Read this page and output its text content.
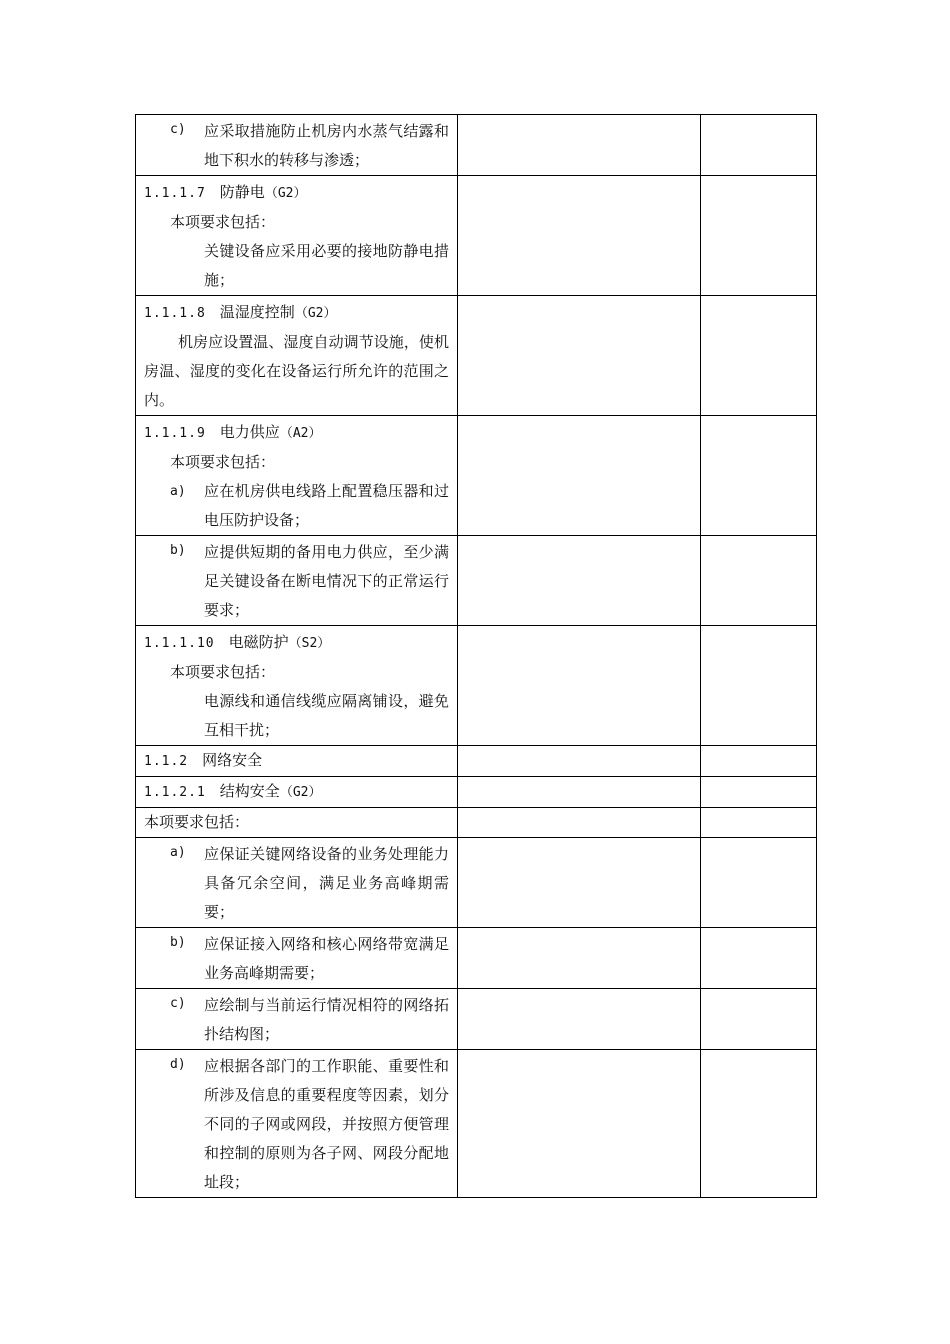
c) 应采取措施防止机房内水蒸气结露和地下积水的转移与渗透；		

1.1.1.7 防静电（G2）
本项要求包括：
关键设备应采用必要的接地防静电措施；		

1.1.1.8 温湿度控制（G2）
机房应设置温、湿度自动调节设施，使机房温、湿度的变化在设备运行所允许的范围之内。		

1.1.1.9 电力供应（A2）
本项要求包括：
a) 应在机房供电线路上配置稳压器和过电压防护设备；		

b) 应提供短期的备用电力供应，至少满足关键设备在断电情况下的正常运行要求；		

1.1.1.10 电磁防护（S2）
本项要求包括：
电源线和通信线缆应隔离铺设，避免互相干扰；		

1.1.2 网络安全		

1.1.2.1 结构安全（G2）		

本项要求包括：		

a) 应保证关键网络设备的业务处理能力具备冗余空间，满足业务高峰期需要；		

b) 应保证接入网络和核心网络带宽满足业务高峰期需要；		

c) 应绘制与当前运行情况相符的网络拓扑结构图；		

d) 应根据各部门的工作职能、重要性和所涉及信息的重要程度等因素，划分不同的子网或网段，并按照方便管理和控制的原则为各子网、网段分配地址段；		
